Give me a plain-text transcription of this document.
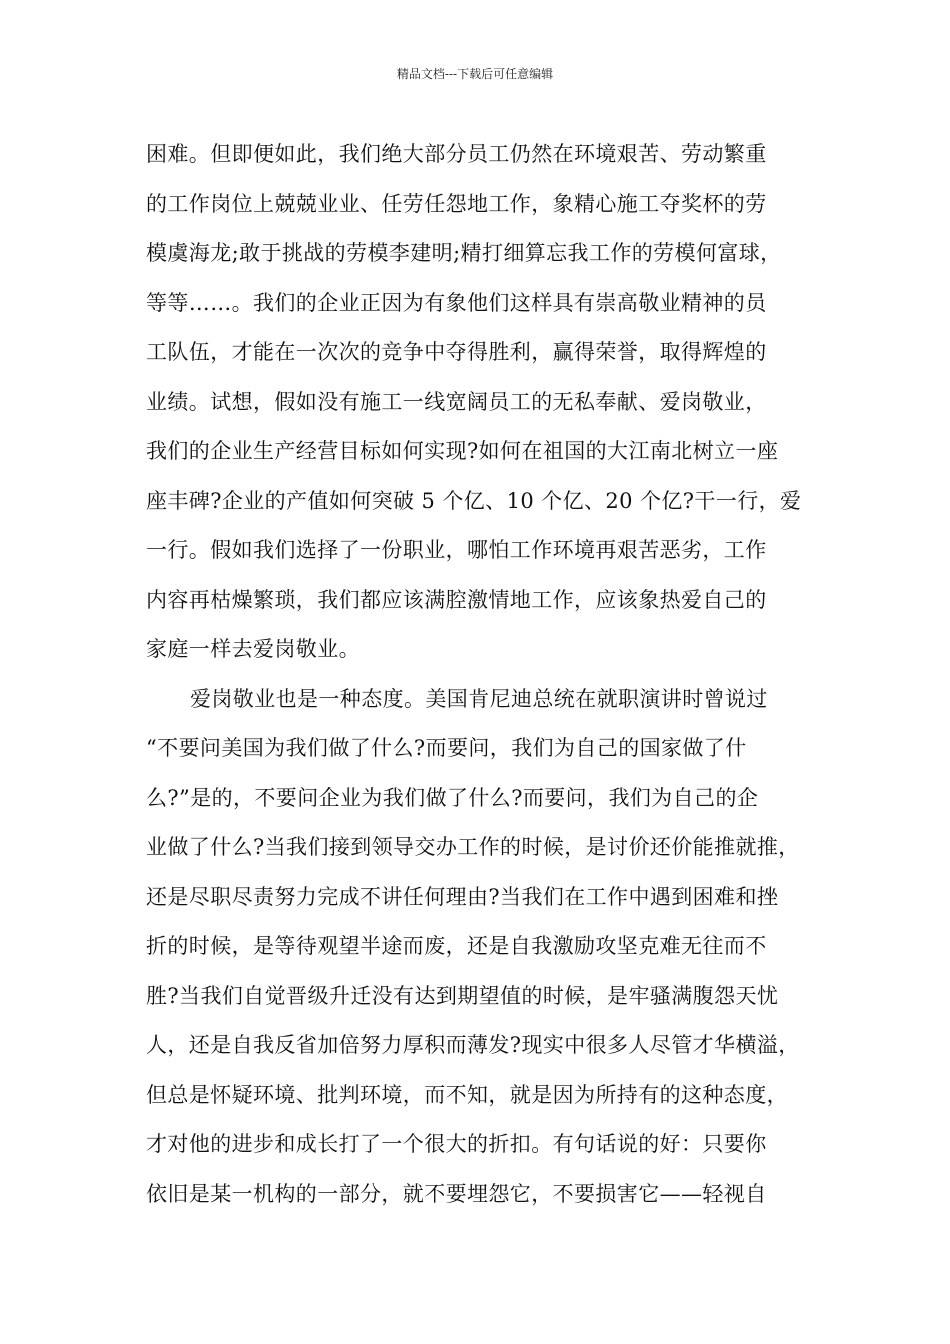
精品文档---下载后可任意编辑
困难。但即便如此，我们绝大部分员工仍然在环境艰苦、劳动繁重
的工作岗位上兢兢业业、任劳任怨地工作，象精心施工夺奖杯的劳
模虞海龙;敢于挑战的劳模李建明;精打细算忘我工作的劳模何富球，
等等……。我们的企业正因为有象他们这样具有崇高敬业精神的员
工队伍，才能在一次次的竞争中夺得胜利，赢得荣誉，取得辉煌的
业绩。试想，假如没有施工一线宽阔员工的无私奉献、爱岗敬业，
我们的企业生产经营目标如何实现?如何在祖国的大江南北树立一座
座丰碑?企业的产值如何突破 5 个亿、10 个亿、20 个亿?干一行，爱
一行。假如我们选择了一份职业，哪怕工作环境再艰苦恶劣，工作
内容再枯燥繁琐，我们都应该满腔激情地工作，应该象热爱自己的
家庭一样去爱岗敬业。
爱岗敬业也是一种态度。美国肯尼迪总统在就职演讲时曾说过
“不要问美国为我们做了什么?而要问，我们为自己的国家做了什
么?”是的，不要问企业为我们做了什么?而要问，我们为自己的企
业做了什么?当我们接到领导交办工作的时候，是讨价还价能推就推，
还是尽职尽责努力完成不讲任何理由?当我们在工作中遇到困难和挫
折的时候，是等待观望半途而废，还是自我激励攻坚克难无往而不
胜?当我们自觉晋级升迁没有达到期望值的时候，是牢骚满腹怨天忧
人，还是自我反省加倍努力厚积而薄发?现实中很多人尽管才华横溢，
但总是怀疑环境、批判环境，而不知，就是因为所持有的这种态度，
才对他的进步和成长打了一个很大的折扣。有句话说的好：只要你
依旧是某一机构的一部分，就不要埋怨它，不要损害它——轻视自
